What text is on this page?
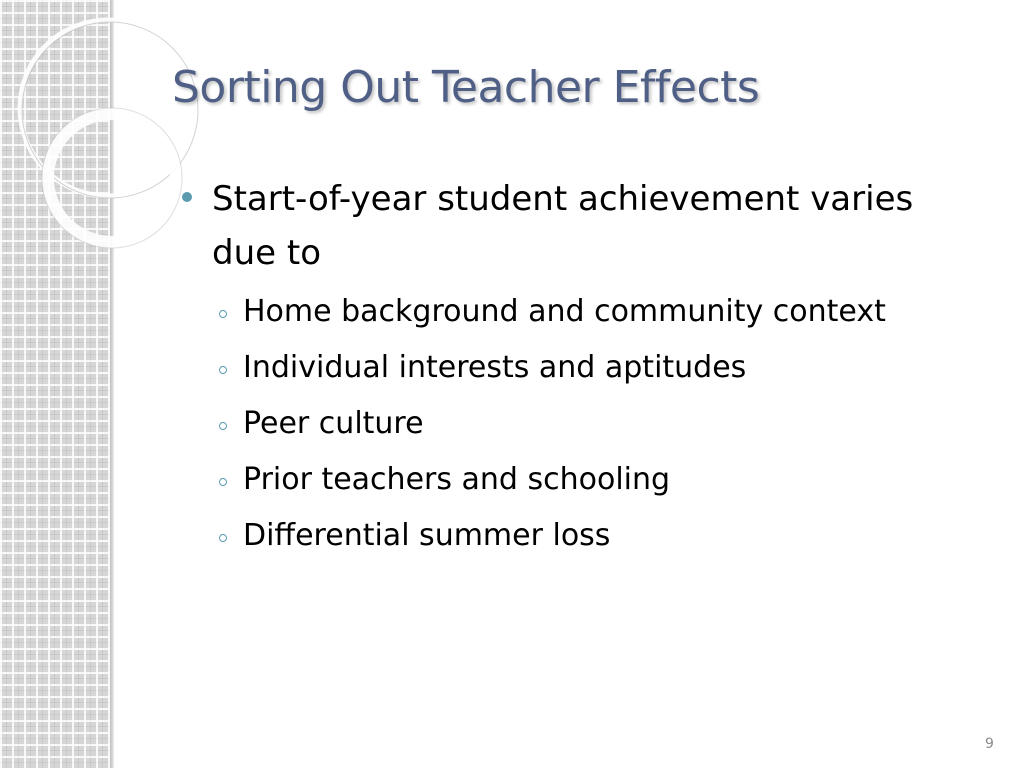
Sorting Out Teacher Effects
Start-of-year student achievement varies due to
Home background and community context
Individual interests and aptitudes
Peer culture
Prior teachers and schooling
Differential summer loss
9
